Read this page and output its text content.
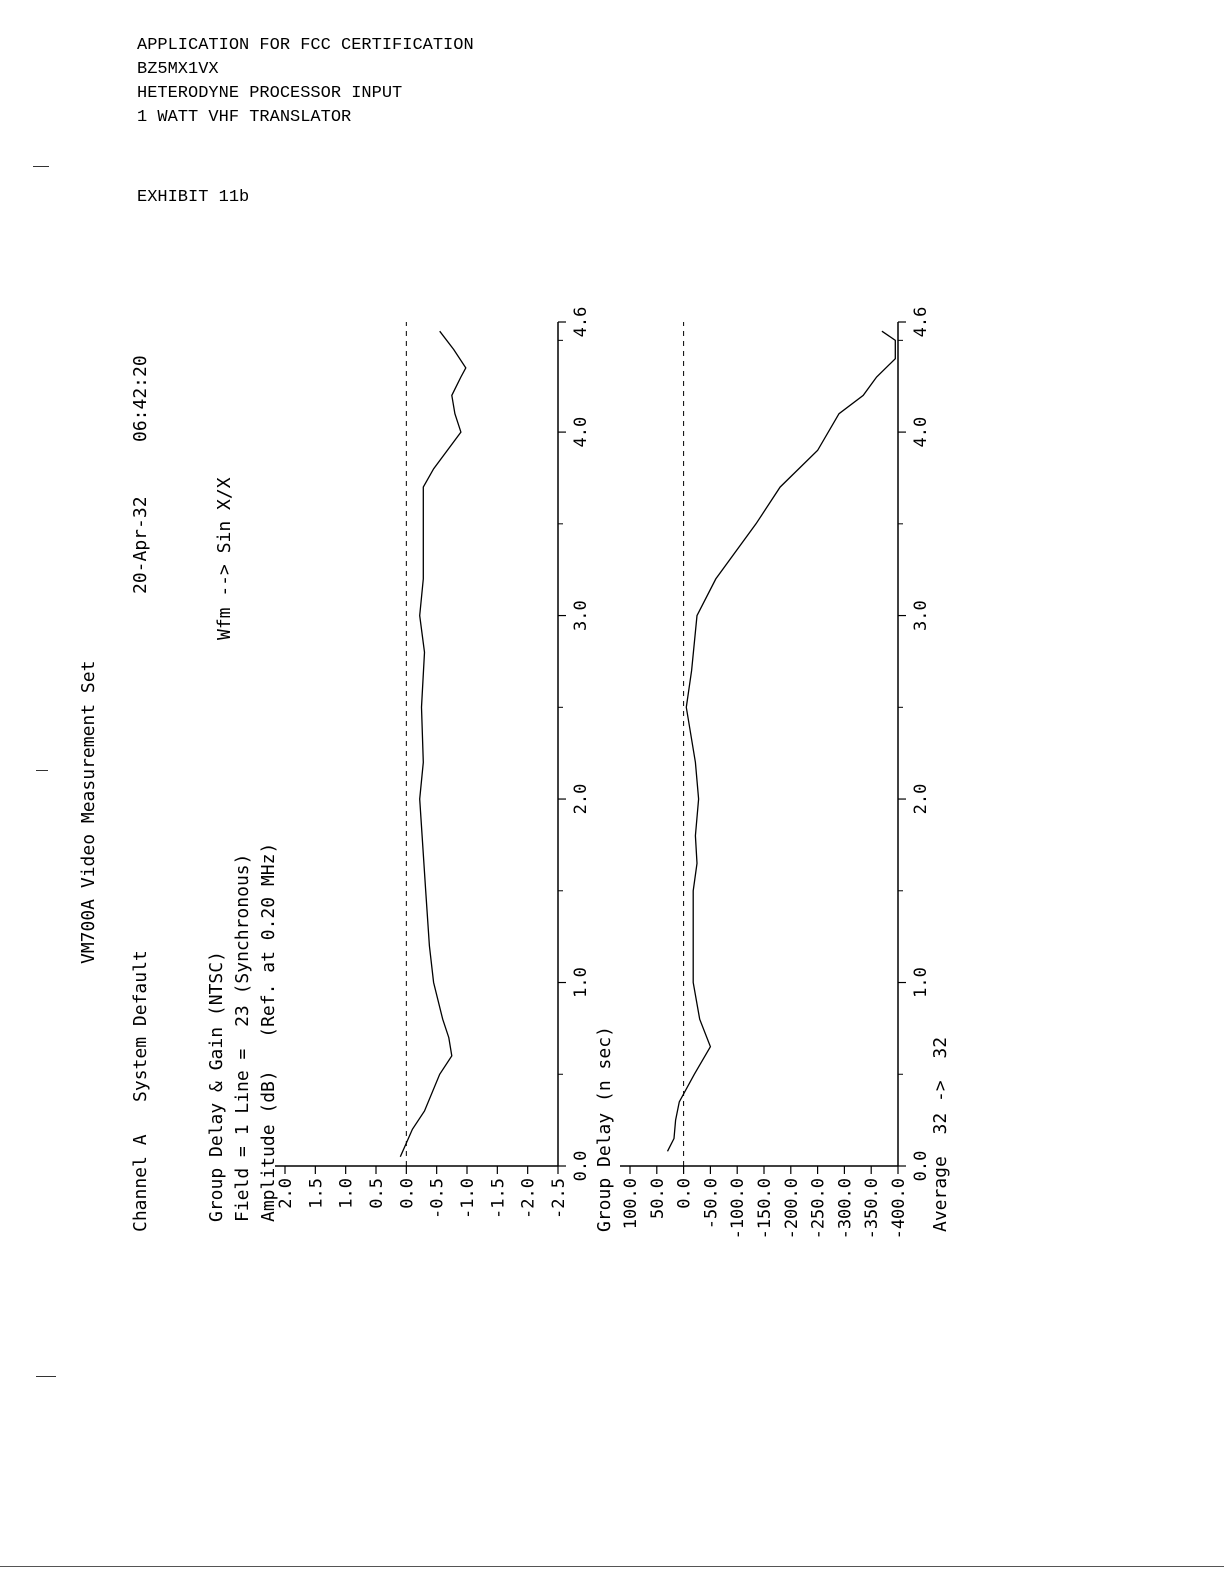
APPLICATION FOR FCC CERTIFICATION
BZ5MX1VX
HETERODYNE PROCESSOR INPUT
1 WATT VHF TRANSLATOR
EXHIBIT 11b
VM700A Video Measurement Set
Channel A   System Default
20-Apr-32
06:42:20
Group Delay & Gain (NTSC) Field = 1 Line =  23 (Synchronous) Amplitude (dB)   (Ref. at 0.20 MHz)
Wfm --> Sin X/X
2.0 1.5 1.0 0.5 0.0 -0.5 -1.0 -1.5 -2.0 -2.5
0.0
1.0
2.0
3.0
4.0
4.6
100.0 50.0 0.0 -50.0 -100.0 -150.0 -200.0 -250.0 -300.0 -350.0 -400.0
0.0
1.0
2.0
3.0
4.0
4.6
Group Delay (n sec)	Average  32 ->  32
